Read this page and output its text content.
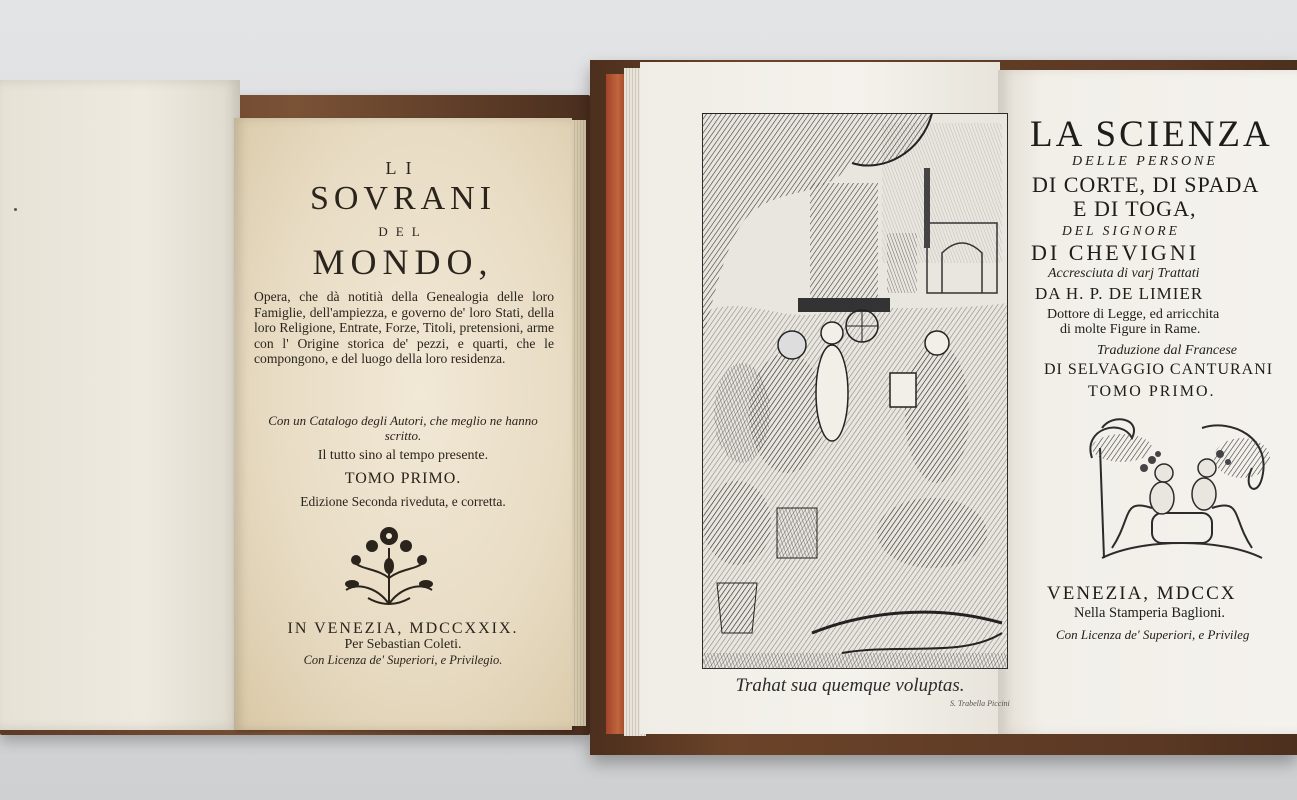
LI
SOVRANI
DEL
MONDO,
Opera, che dà notitià della Genealogia delle loro Famiglie, dell'ampiezza, e governo de' loro Stati, della loro Religione, Entrate, Forze, Titoli, pretensioni, arme con l' Origine storica de' pezzi, e quarti, che le compongono, e del luogo della loro residenza.
Con un Catalogo degli Autori, che meglio ne hanno scritto.
Il tutto sino al tempo presente.
TOMO PRIMO.
Edizione Seconda riveduta, e corretta.
IN VENEZIA, MDCCXXIX.
Per Sebastian Coleti.
Con Licenza de' Superiori, e Privilegio.
Trahat sua quemque voluptas.
S. Trabella Piccini
LA SCIENZA
DELLE PERSONE
DI CORTE, DI SPADA
E DI TOGA,
DEL SIGNORE
DI CHEVIGNI
Accresciuta di varj Trattati
DA H. P. DE LIMIER
Dottore di Legge, ed arricchita
di molte Figure in Rame.
Traduzione dal Francese
DI SELVAGGIO CANTURANI
TOMO PRIMO.
VENEZIA, MDCCX
Nella Stamperia Baglioni.
Con Licenza de' Superiori, e Privileg
